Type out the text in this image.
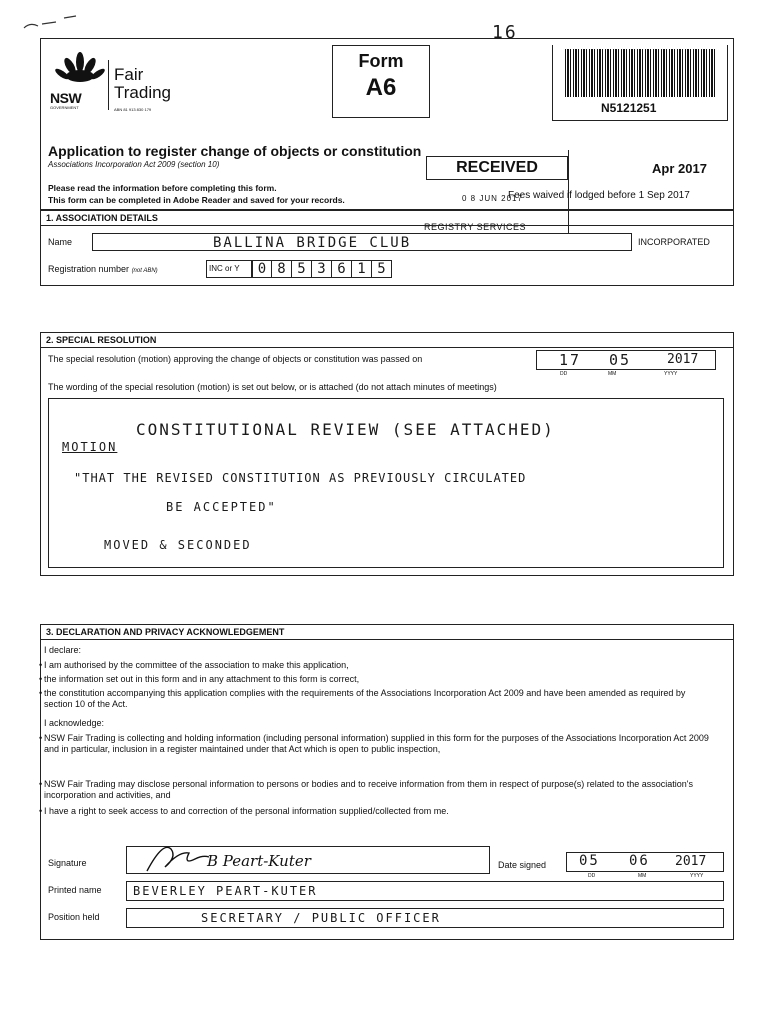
16
NSW
GOVERNMENT
Fair
Trading
ABN 81 913 830 179
Form
A6
N5121251
Application to register change of objects or constitution
Associations Incorporation Act 2009 (section 10)	Apr 2017
RECEIVED
0 8 JUN 2017
REGISTRY SERVICES
Please read the information before completing this form.
This form can be completed in Adobe Reader and saved for your records.	Fees waived if lodged before 1 Sep 2017
1. ASSOCIATION DETAILS
Name	BALLINA BRIDGE CLUB	INCORPORATED
Registration number (not ABN)	INC or Y	0 8 5 3 6 1 5
2. SPECIAL RESOLUTION
The special resolution (motion) approving the change of objects or constitution was passed on	17 05	2017
DD	MM	YYYY
The wording of the special resolution (motion) is set out below, or is attached (do not attach minutes of meetings)
CONSTITUTIONAL REVIEW (SEE ATTACHED)
MOTION
"THAT THE REVISED CONSTITUTION AS PREVIOUSLY CIRCULATED
BE ACCEPTED"
MOVED & SECONDED
3. DECLARATION AND PRIVACY ACKNOWLEDGEMENT
I declare:
• I am authorised by the committee of the association to make this application,
• the information set out in this form and in any attachment to this form is correct,
• the constitution accompanying this application complies with the requirements of the Associations Incorporation Act 2009 and have been amended as required by section 10 of the Act.
I acknowledge:
• NSW Fair Trading is collecting and holding information (including personal information) supplied in this form for the purposes of the Associations Incorporation Act 2009 and in particular, inclusion in a register maintained under that Act which is open to public inspection,
• NSW Fair Trading may disclose personal information to persons or bodies and to receive information from them in respect of purpose(s) related to the association's incorporation and activities, and
• I have a right to seek access to and correction of the personal information supplied/collected from me.
Signature	B Peart-Kuter	Date signed 05 06 2017
DD	MM	YYYY
Printed name	BEVERLEY PEART-KUTER
Position held	SECRETARY / PUBLIC OFFICER
